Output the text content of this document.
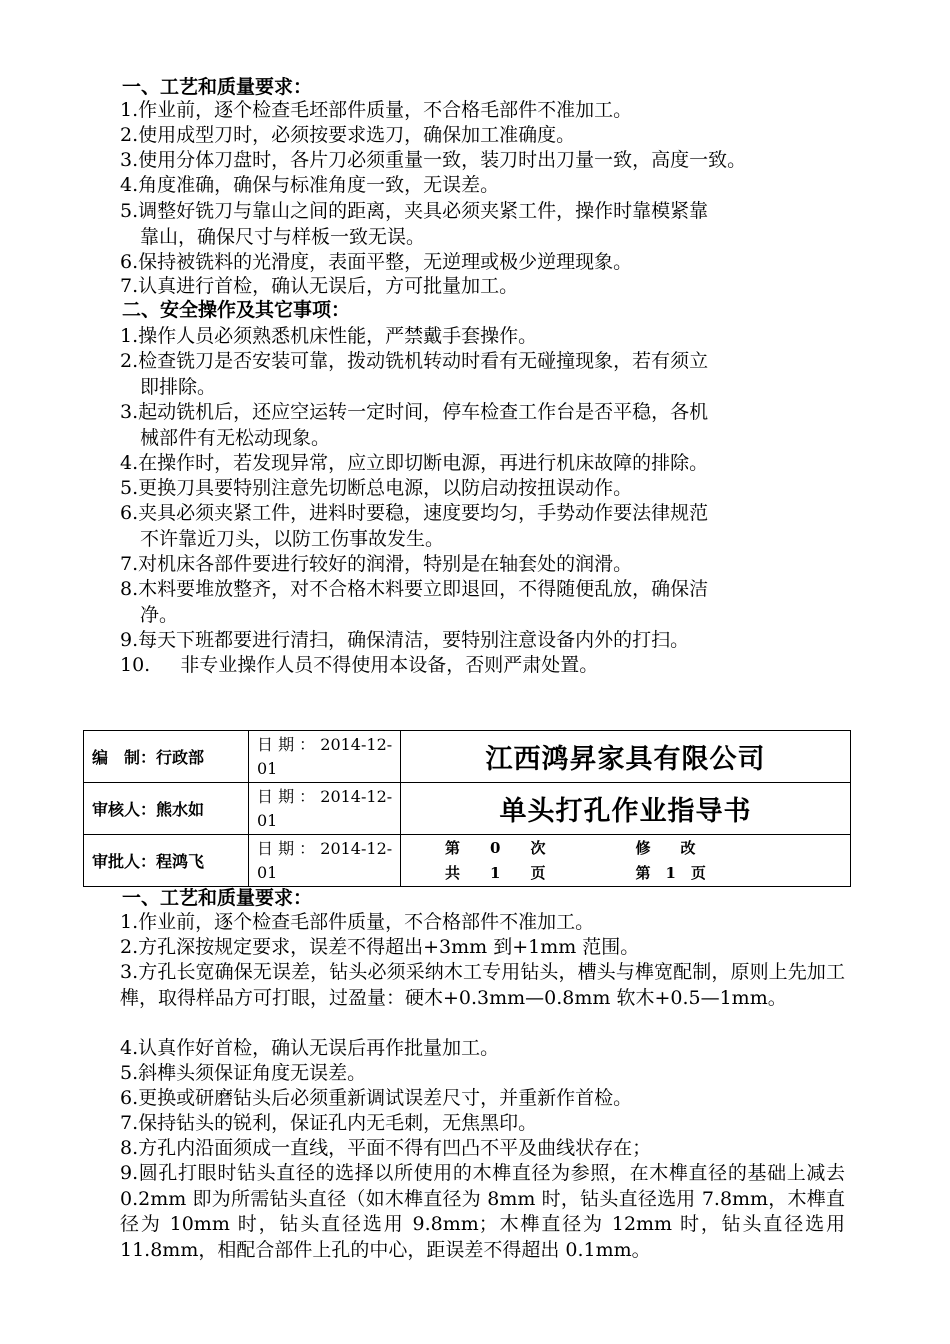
一、工艺和质量要求：
1.作业前，逐个检查毛坯部件质量，不合格毛部件不准加工。
2.使用成型刀时，必须按要求选刀，确保加工准确度。
3.使用分体刀盘时，各片刀必须重量一致，装刀时出刀量一致，高度一致。
4.角度准确，确保与标准角度一致，无误差。
5.调整好铣刀与靠山之间的距离，夹具必须夹紧工件，操作时靠模紧靠
靠山，确保尺寸与样板一致无误。
6.保持被铣料的光滑度，表面平整，无逆理或极少逆理现象。
7.认真进行首检，确认无误后，方可批量加工。
二、安全操作及其它事项：
1.操作人员必须熟悉机床性能，严禁戴手套操作。
2.检查铣刀是否安装可靠，拨动铣机转动时看有无碰撞现象，若有须立
即排除。
3.起动铣机后，还应空运转一定时间，停车检查工作台是否平稳，各机
械部件有无松动现象。
4.在操作时，若发现异常，应立即切断电源，再进行机床故障的排除。
5.更换刀具要特别注意先切断总电源，以防启动按扭误动作。
6.夹具必须夹紧工件，进料时要稳，速度要均匀，手势动作要法律规范
不许靠近刀头，以防工伤事故发生。
7.对机床各部件要进行较好的润滑，特别是在轴套处的润滑。
8.木料要堆放整齐，对不合格木料要立即退回，不得随便乱放，确保洁
净。
9.每天下班都要进行清扫，确保清洁，要特别注意设备内外的打扫。
10. 非专业操作人员不得使用本设备，否则严肃处置。
编　制：行政部	日 期 ： 2014-12-01	江西鸿昇家具有限公司
审核人：熊水如	日 期 ： 2014-12-01	单头打孔作业指导书
审批人：程鸿飞	日 期 ： 2014-12-01	第　　0　　次　　　　　　修　　改
共　　1　　页　　　　　　第　1　页
一、工艺和质量要求：
1.作业前，逐个检查毛部件质量，不合格部件不准加工。
2.方孔深按规定要求，误差不得超出+3mm 到+1mm 范围。
3.方孔长宽确保无误差，钻头必须采纳木工专用钻头，槽头与榫宽配制，原则上先加工榫，取得样品方可打眼，过盈量：硬木+0.3mm—0.8mm 软木+0.5—1mm。
4.认真作好首检，确认无误后再作批量加工。
5.斜榫头须保证角度无误差。
6.更换或研磨钻头后必须重新调试误差尺寸，并重新作首检。
7.保持钻头的锐利，保证孔内无毛刺，无焦黑印。
8.方孔内沿面须成一直线，平面不得有凹凸不平及曲线状存在；
9.圆孔打眼时钻头直径的选择以所使用的木榫直径为参照，在木榫直径的基础上减去 0.2mm 即为所需钻头直径（如木榫直径为 8mm 时，钻头直径选用 7.8mm，木榫直径为 10mm 时，钻头直径选用 9.8mm；木榫直径为 12mm 时，钻头直径选用 11.8mm，相配合部件上孔的中心，距误差不得超出 0.1mm。
